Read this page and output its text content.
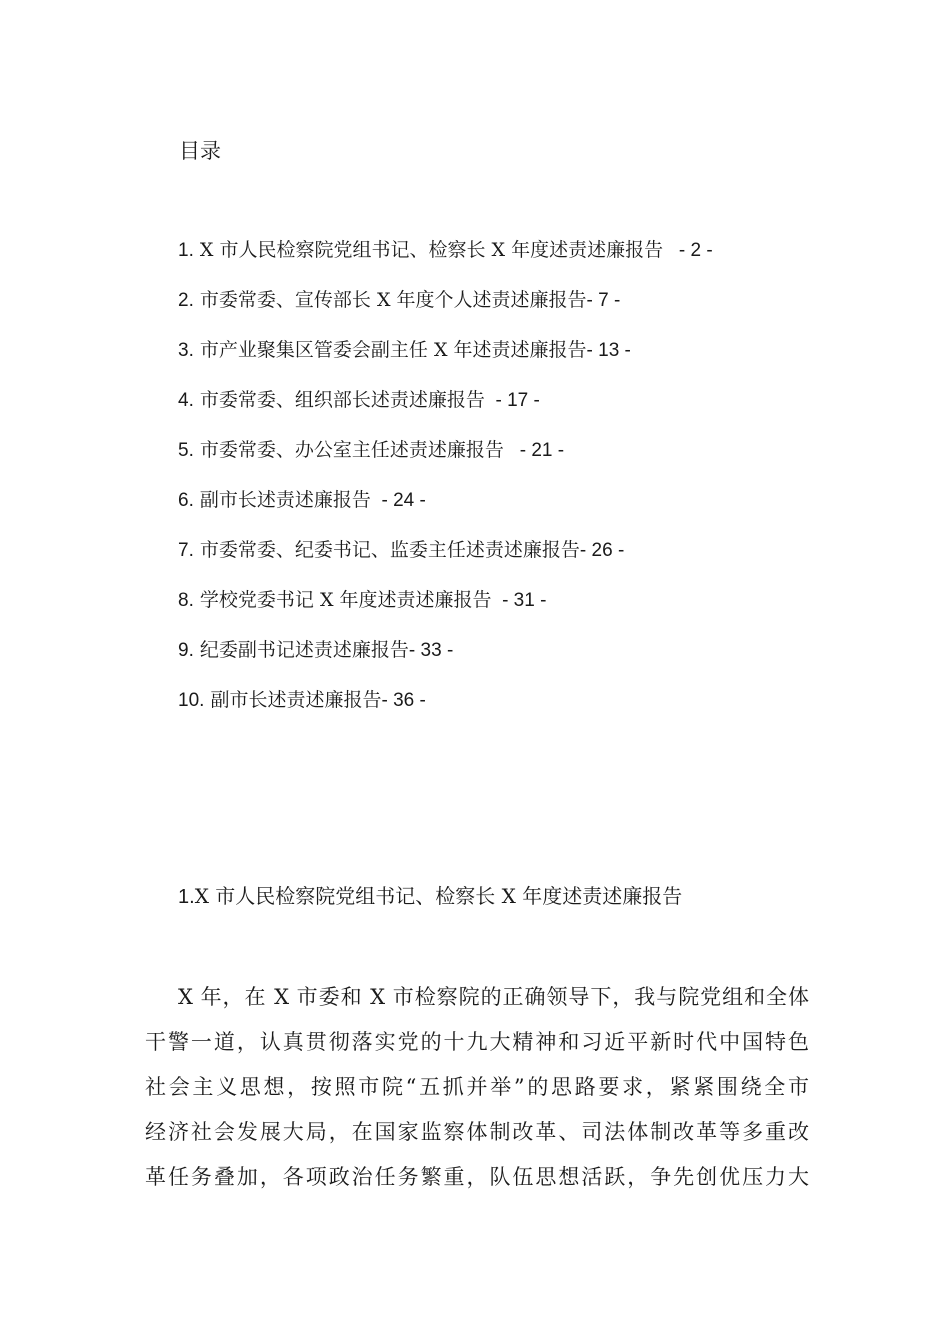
目录
1. X 市人民检察院党组书记、检察长 X 年度述责述廉报告   - 2 -
2. 市委常委、宣传部长 X 年度个人述责述廉报告- 7 -
3. 市产业聚集区管委会副主任 X 年述责述廉报告- 13 -
4. 市委常委、组织部长述责述廉报告  - 17 -
5. 市委常委、办公室主任述责述廉报告   - 21 -
6. 副市长述责述廉报告  - 24 -
7. 市委常委、纪委书记、监委主任述责述廉报告- 26 -
8. 学校党委书记 X 年度述责述廉报告  - 31 -
9. 纪委副书记述责述廉报告- 33 -
10. 副市长述责述廉报告- 36 -
1.X 市人民检察院党组书记、检察长 X 年度述责述廉报告

X 年，在 X 市委和 X 市检察院的正确领导下，我与院党组和全体
干警一道，认真贯彻落实党的十九大精神和习近平新时代中国特色
社会主义思想，按照市院“五抓并举”的思路要求，紧紧围绕全市
经济社会发展大局，在国家监察体制改革、司法体制改革等多重改
革任务叠加，各项政治任务繁重，队伍思想活跃，争先创优压力大
